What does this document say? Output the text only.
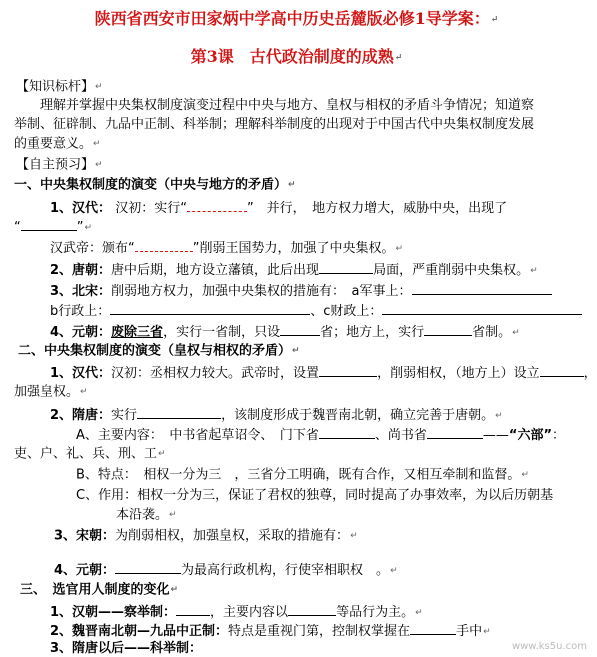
陕西省西安市田家炳中学高中历史岳麓版必修1导学案：↵
第3课　古代政治制度的成熟↵
【知识标杆】↵
理解并掌握中央集权制度演变过程中中央与地方、皇权与相权的矛盾斗争情况；知道察
举制、征辟制、九品中正制、科举制；理解科举制度的出现对于中国古代中央集权制度发展
的重要意义。↵
【自主预习】↵
一、中央集权制度的演变（中央与地方的矛盾）↵
1、汉代： 汉初：实行“	”　并行，　地方权力增大，威胁中央，出现了
“	”↵
汉武帝：颁布“	”削弱王国势力，加强了中央集权。↵
2、唐朝：唐中后期，地方设立藩镇，此后出现	局面，严重削弱中央集权。↵
3、北宋：削弱地方权力，加强中央集权的措施有：　a军事上：
b行政上：	、c财政上：
4、元朝：废除三省，实行一省制，只设	省；地方上，实行	省制。↵
二、中央集权制度的演变（皇权与相权的矛盾）↵
1、汉代：汉初：丞相权力较大。武帝时，设置	，削弱相权，（地方上）设立	，
加强皇权。↵
2、隋唐：实行	，该制度形成于魏晋南北朝，确立完善于唐朝。↵
A、主要内容：　中书省起草诏令、　门下省	、尚书省	——“六部”：
吏、户、礼、兵、刑、工↵
B、特点：　相权一分为三　，三省分工明确，既有合作，又相互牵制和监督。↵
C、作用：相权一分为三，保证了君权的独尊，同时提高了办事效率，为以后历朝基
本沿袭。↵
3、宋朝：为削弱相权，加强皇权，采取的措施有：↵
4、元朝：	为最高行政机构，行使宰相职权　。↵
三、　选官用人制度的变化↵
1、汉朝——察举制：	，主要内容以	等品行为主。↵
2、魏晋南北朝—九品中正制：特点是重视门第，控制权掌握在	手中↵
3、隋唐以后——科举制：	www.ks5u.com
